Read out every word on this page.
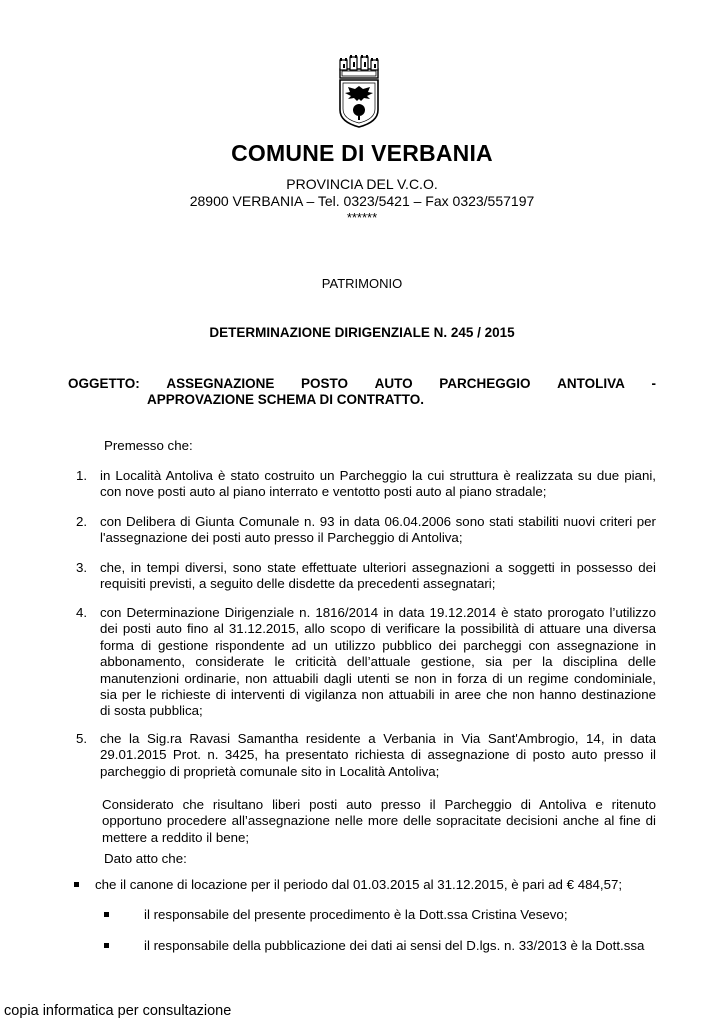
COMUNE DI VERBANIA
PROVINCIA DEL V.C.O.
28900 VERBANIA – Tel. 0323/5421 – Fax 0323/557197
******
PATRIMONIO
DETERMINAZIONE DIRIGENZIALE N. 245 / 2015
OGGETTO: ASSEGNAZIONE POSTO AUTO PARCHEGGIO ANTOLIVA -
APPROVAZIONE SCHEMA DI CONTRATTO.
Premesso che:
1. in Località Antoliva è stato costruito un Parcheggio la cui struttura è realizzata su due piani,
con nove posti auto al piano interrato e ventotto posti auto al piano stradale;
2. con Delibera di Giunta Comunale n. 93 in data 06.04.2006 sono stati stabiliti nuovi criteri per
l'assegnazione dei posti auto presso il Parcheggio di Antoliva;
3. che, in tempi diversi, sono state effettuate ulteriori assegnazioni a soggetti in possesso dei
requisiti previsti, a seguito delle disdette da precedenti assegnatari;
4. con Determinazione Dirigenziale n. 1816/2014 in data 19.12.2014 è stato prorogato l’utilizzo
dei posti auto fino al 31.12.2015, allo scopo di verificare la possibilità di attuare una diversa
forma di gestione rispondente ad un utilizzo pubblico dei parcheggi con assegnazione in
abbonamento, considerate le criticità dell’attuale gestione, sia per la disciplina delle
manutenzioni ordinarie, non attuabili dagli utenti se non in forza di un regime condominiale,
sia per le richieste di interventi di vigilanza non attuabili in aree che non hanno destinazione
di sosta pubblica;
5. che la Sig.ra Ravasi Samantha residente a Verbania in Via Sant'Ambrogio, 14, in data
29.01.2015 Prot. n. 3425, ha presentato richiesta di assegnazione di posto auto presso il
parcheggio di proprietà comunale sito in Località Antoliva;
Considerato che risultano liberi posti auto presso il Parcheggio di Antoliva e ritenuto
opportuno procedere all’assegnazione nelle more delle sopracitate decisioni anche al fine di
mettere a reddito il bene;
Dato atto che:
che il canone di locazione per il periodo dal 01.03.2015 al 31.12.2015, è pari ad € 484,57;
il responsabile del presente procedimento è la Dott.ssa Cristina Vesevo;
il responsabile della pubblicazione dei dati ai sensi del D.lgs. n. 33/2013 è la Dott.ssa
copia informatica per consultazione
